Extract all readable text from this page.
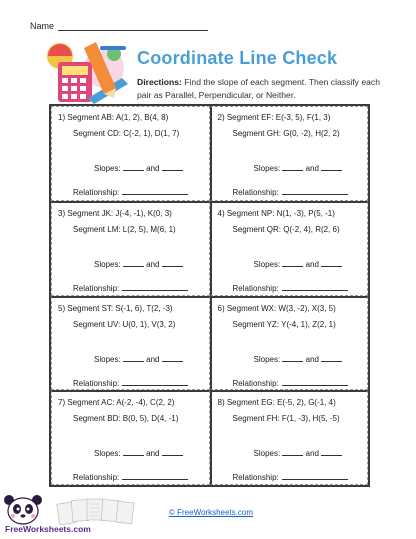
Name
Coordinate Line Check
Directions: Find the slope of each segment. Then classify each pair as Parallel, Perpendicular, or Neither.
1) Segment AB: A(1, 2), B(4, 8)
Segment CD: C(-2, 1), D(1, 7)
Slopes:	and
Relationship:
2) Segment EF: E(-3, 5), F(1, 3)
Segment GH: G(0, -2), H(2, 2)
Slopes:	and
Relationship:
3) Segment JK: J(-4, -1), K(0, 3)
Segment LM: L(2, 5), M(6, 1)
Slopes:	and
Relationship:
4) Segment NP: N(1, -3), P(5, -1)
Segment QR: Q(-2, 4), R(2, 6)
Slopes:	and
Relationship:
5) Segment ST: S(-1, 6), T(2, -3)
Segment UV: U(0, 1), V(3, 2)
Slopes:	and
Relationship:
6) Segment WX: W(3, -2), X(3, 5)
Segment YZ: Y(-4, 1), Z(2, 1)
Slopes:	and
Relationship:
7) Segment AC: A(-2, -4), C(2, 2)
Segment BD: B(0, 5), D(4, -1)
Slopes:	and
Relationship:
8) Segment EG: E(-5, 2), G(-1, 4)
Segment FH: F(1, -3), H(5, -5)
Slopes:	and
Relationship:
FreeWorksheets.com
© FreeWorksheets.com
